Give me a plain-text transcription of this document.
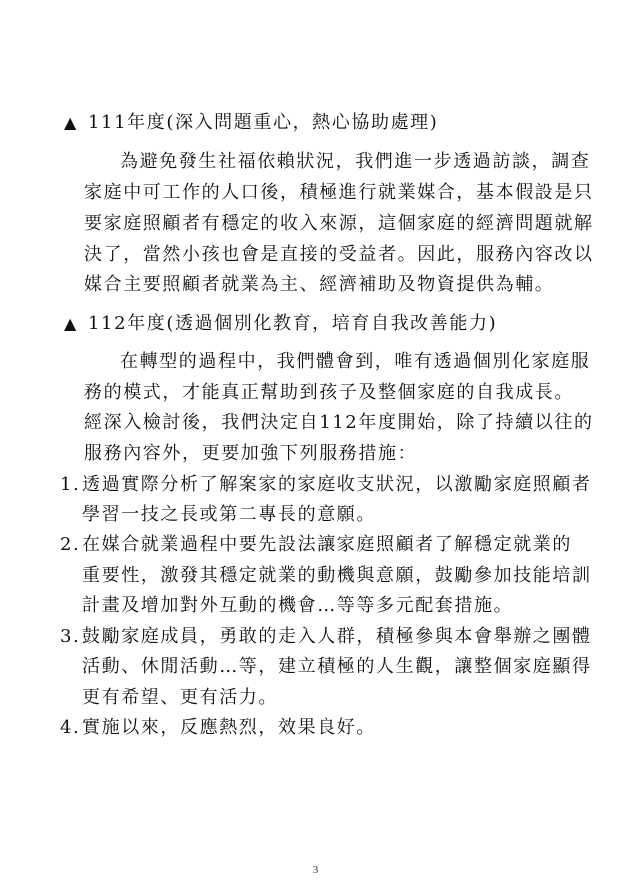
▲ 111年度(深入問題重心，熱心協助處理)
為避免發生社福依賴狀況，我們進一步透過訪談，調查
家庭中可工作的人口後，積極進行就業媒合，基本假設是只
要家庭照顧者有穩定的收入來源，這個家庭的經濟問題就解
決了，當然小孩也會是直接的受益者。因此，服務內容改以
媒合主要照顧者就業為主、經濟補助及物資提供為輔。
▲ 112年度(透過個別化教育，培育自我改善能力)
在轉型的過程中，我們體會到，唯有透過個別化家庭服
務的模式，才能真正幫助到孩子及整個家庭的自我成長。
經深入檢討後，我們決定自112年度開始，除了持續以往的
服務內容外，更要加強下列服務措施：
1.透過實際分析了解案家的家庭收支狀況，以激勵家庭照顧者
學習一技之長或第二專長的意願。
2.在媒合就業過程中要先設法讓家庭照顧者了解穩定就業的
重要性，激發其穩定就業的動機與意願，鼓勵參加技能培訓
計畫及增加對外互動的機會…等等多元配套措施。
3.鼓勵家庭成員，勇敢的走入人群，積極參與本會舉辦之團體
活動、休閒活動…等，建立積極的人生觀，讓整個家庭顯得
更有希望、更有活力。
4.實施以來，反應熱烈，效果良好。
3
